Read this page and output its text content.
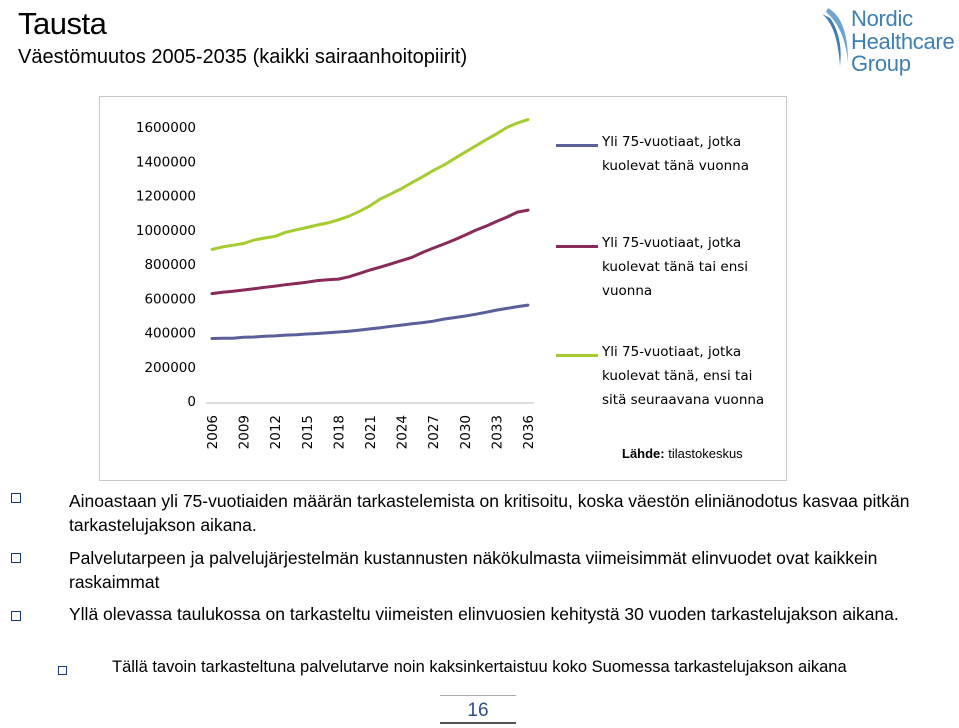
Tausta
Väestömuutos 2005-2035 (kaikki sairaanhoitopiirit)
Nordic
Healthcare
Group
1600000
1400000
1200000
1000000
800000
600000
400000
200000
0
2006 2009 2012 2015 2018 2021 2024 2027 2030 2033 2036
Yli 75-vuotiaat, jotka kuolevat tänä vuonna
Yli 75-vuotiaat, jotka kuolevat tänä tai ensi vuonna
Yli 75-vuotiaat, jotka kuolevat tänä, ensi tai sitä seuraavana vuonna
Lähde: tilastokeskus
Ainoastaan yli 75-vuotiaiden määrän tarkastelemista on kritisoitu, koska väestön eliniänodotus kasvaa pitkän tarkastelujakson aikana.
Palvelutarpeen ja palvelujärjestelmän kustannusten näkökulmasta viimeisimmät elinvuodet ovat kaikkein raskaimmat
Yllä olevassa taulukossa on tarkasteltu viimeisten elinvuosien kehitystä 30 vuoden tarkastelujakson aikana.
Tällä tavoin tarkasteltuna palvelutarve noin kaksinkertaistuu koko Suomessa tarkastelujakson aikana
16
